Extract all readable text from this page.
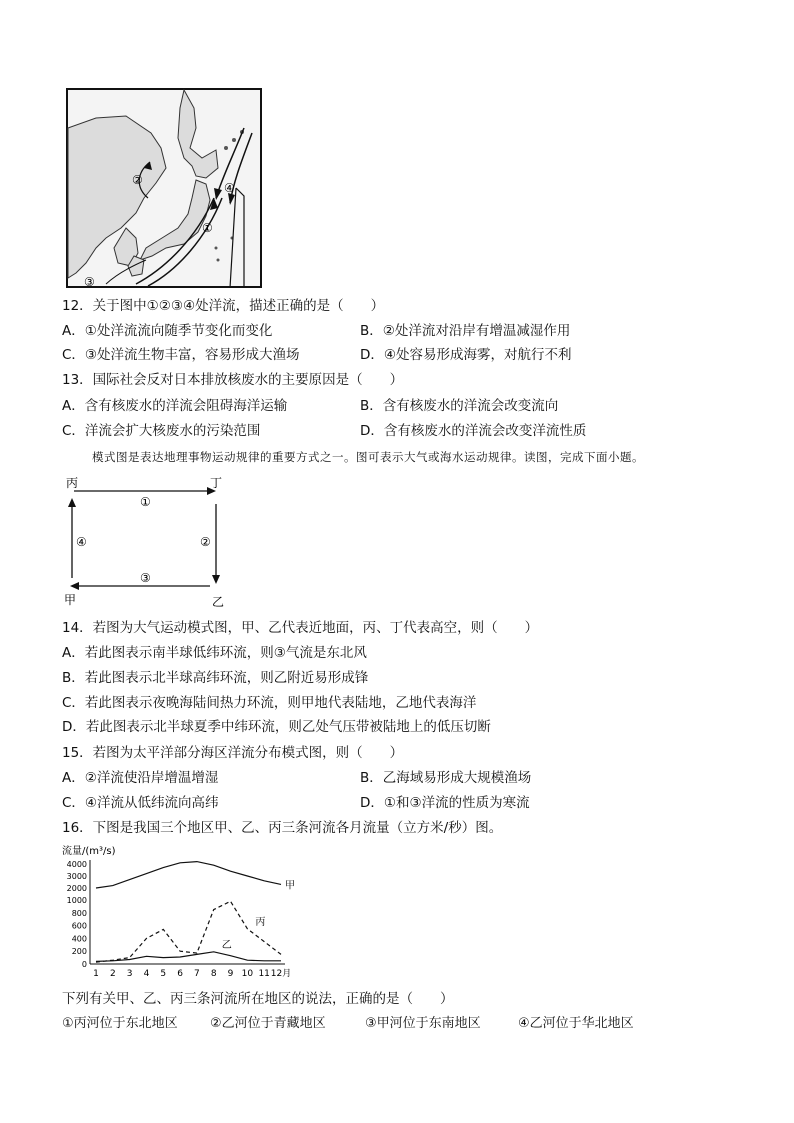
①
②
③
④
12．关于图中①②③④处洋流，描述正确的是（　　）
A．①处洋流流向随季节变化而变化	B．②处洋流对沿岸有增温减湿作用
C．③处洋流生物丰富，容易形成大渔场	D．④处容易形成海雾，对航行不利
13．国际社会反对日本排放核废水的主要原因是（　　）
A．含有核废水的洋流会阻碍海洋运输	B．含有核废水的洋流会改变流向
C．洋流会扩大核废水的污染范围	D．含有核废水的洋流会改变洋流性质
模式图是表达地理事物运动规律的重要方式之一。图可表示大气或海水运动规律。读图，完成下面小题。
丙	丁
甲	乙
①
②
③
④
14．若图为大气运动模式图，甲、乙代表近地面，丙、丁代表高空，则（　　）
A．若此图表示南半球低纬环流，则③气流是东北风
B．若此图表示北半球高纬环流，则乙附近易形成锋
C．若此图表示夜晚海陆间热力环流，则甲地代表陆地，乙地代表海洋
D．若此图表示北半球夏季中纬环流，则乙处气压带被陆地上的低压切断
15．若图为太平洋部分海区洋流分布模式图，则（　　）
A．②洋流使沿岸增温增湿	B．乙海域易形成大规模渔场
C．④洋流从低纬流向高纬	D．①和③洋流的性质为寒流
16．下图是我国三个地区甲、乙、丙三条河流各月流量（立方米/秒）图。
流量/(m³/s)
4000
3000
2000
1000
800
600
400
200
0
1 2 3 4 5 6 7 8 9 10 11 12月
甲
丙
乙
下列有关甲、乙、丙三条河流所在地区的说法，正确的是（　　）
①丙河位于东北地区 ②乙河位于青藏地区	③甲河位于东南地区	④乙河位于华北地区
